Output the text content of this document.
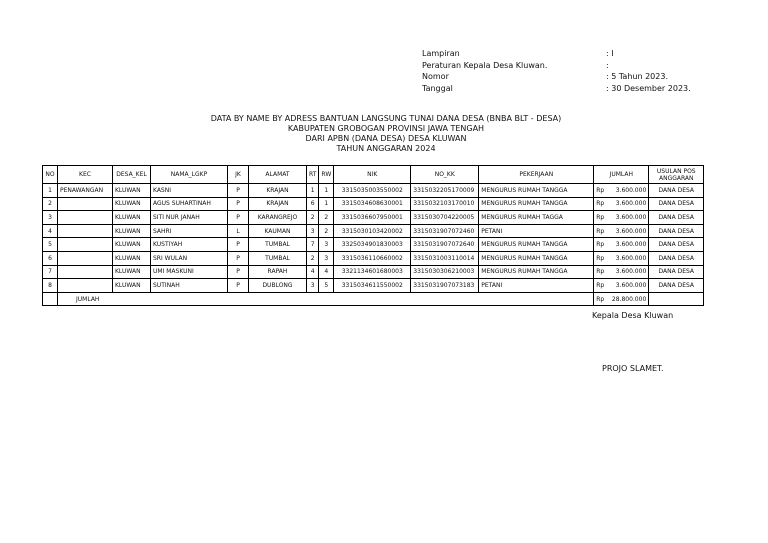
Lampiran	: I
Peraturan Kepala Desa Kluwan.	:
Nomor	: 5 Tahun 2023.
Tanggal	: 30 Desember 2023.
DATA BY NAME BY ADRESS BANTUAN LANGSUNG TUNAI DANA DESA (BNBA BLT - DESA)
KABUPATEN GROBOGAN PROVINSI JAWA TENGAH
DARI APBN (DANA DESA) DESA KLUWAN
TAHUN ANGGARAN 2024
NO	KEC	DESA_KEL	NAMA_LGKP	JK	ALAMAT	RT	RW	NIK	NO_KK	PEKERJAAN	JUMLAH	USULAN POS ANGGARAN
1	PENAWANGAN	KLUWAN	KASNI	P	KRAJAN	1	1	3315035003550002	3315032205170009	MENGURUS RUMAH TANGGA	Rp 3.600.000	DANA DESA
2		KLUWAN	AGUS SUHARTINAH	P	KRAJAN	6	1	3315034608630001	3315032103170010	MENGURUS RUMAH TANGGA	Rp 3.600.000	DANA DESA
3		KLUWAN	SITI NUR JANAH	P	KARANGREJO	2	2	3315036607950001	3315030704220005	MENGURUS RUMAH TAGGA	Rp 3.600.000	DANA DESA
4		KLUWAN	SAHRI	L	KAUMAN	3	2	3315030103420002	3315031907072460	PETANI	Rp 3.600.000	DANA DESA
5		KLUWAN	KUSTIYAH	P	TUMBAL	7	3	3325034901830003	3315031907072640	MENGURUS RUMAH TANGGA	Rp 3.600.000	DANA DESA
6		KLUWAN	SRI WULAN	P	TUMBAL	2	3	3315036110660002	3315031003110014	MENGURUS RUMAH TANGGA	Rp 3.600.000	DANA DESA
7		KLUWAN	UMI MASKUNI	P	RAPAH	4	4	3321134601680003	3315030306210003	MENGURUS RUMAH TANGGA	Rp 3.600.000	DANA DESA
8		KLUWAN	SUTINAH	P	DUBLONG	3	5	3315034611550002	3315031907073183	PETANI	Rp 3.600.000	DANA DESA
	JUMLAH										Rp 28.800.000	

Kepala Desa Kluwan
PROJO SLAMET.
